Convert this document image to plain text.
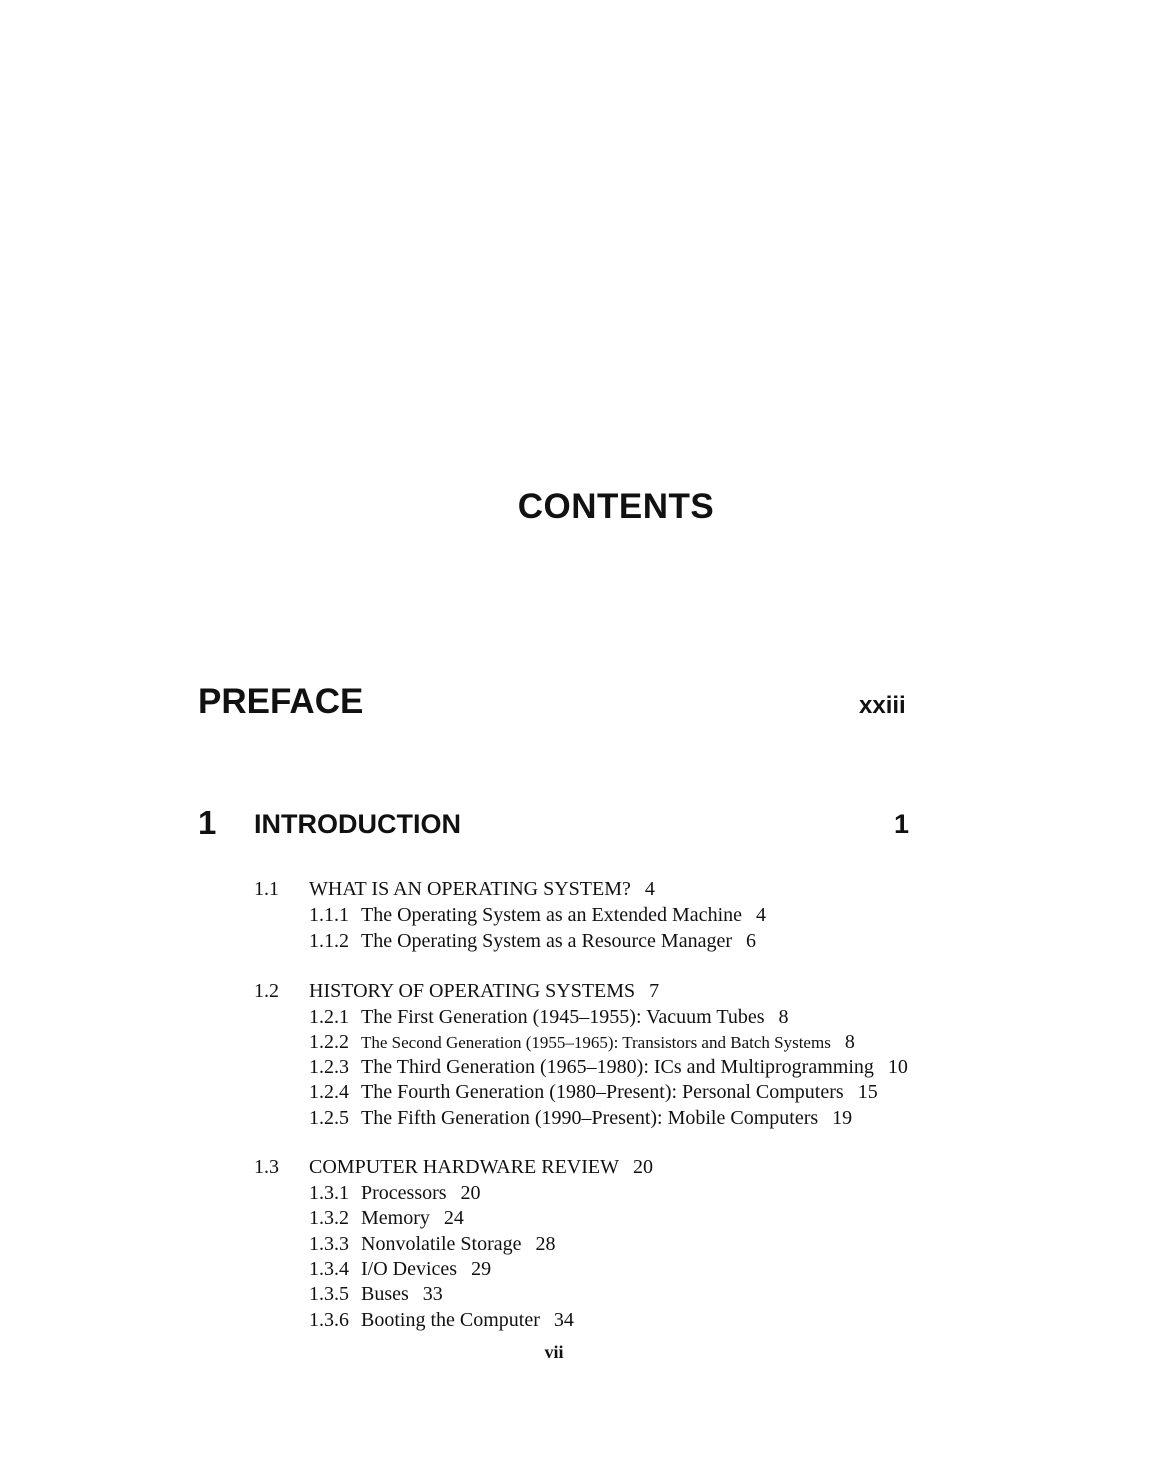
CONTENTS
PREFACE	xxiii
1 INTRODUCTION	1
1.1 WHAT IS AN OPERATING SYSTEM? 4
1.1.1 The Operating System as an Extended Machine 4
1.1.2 The Operating System as a Resource Manager 6
1.2 HISTORY OF OPERATING SYSTEMS 7
1.2.1 The First Generation (1945–1955): Vacuum Tubes 8
1.2.2 The Second Generation (1955–1965): Transistors and Batch Systems 8
1.2.3 The Third Generation (1965–1980): ICs and Multiprogramming 10
1.2.4 The Fourth Generation (1980–Present): Personal Computers 15
1.2.5 The Fifth Generation (1990–Present): Mobile Computers 19
1.3 COMPUTER HARDWARE REVIEW 20
1.3.1 Processors 20
1.3.2 Memory 24
1.3.3 Nonvolatile Storage 28
1.3.4 I/O Devices 29
1.3.5 Buses 33
1.3.6 Booting the Computer 34
vii
